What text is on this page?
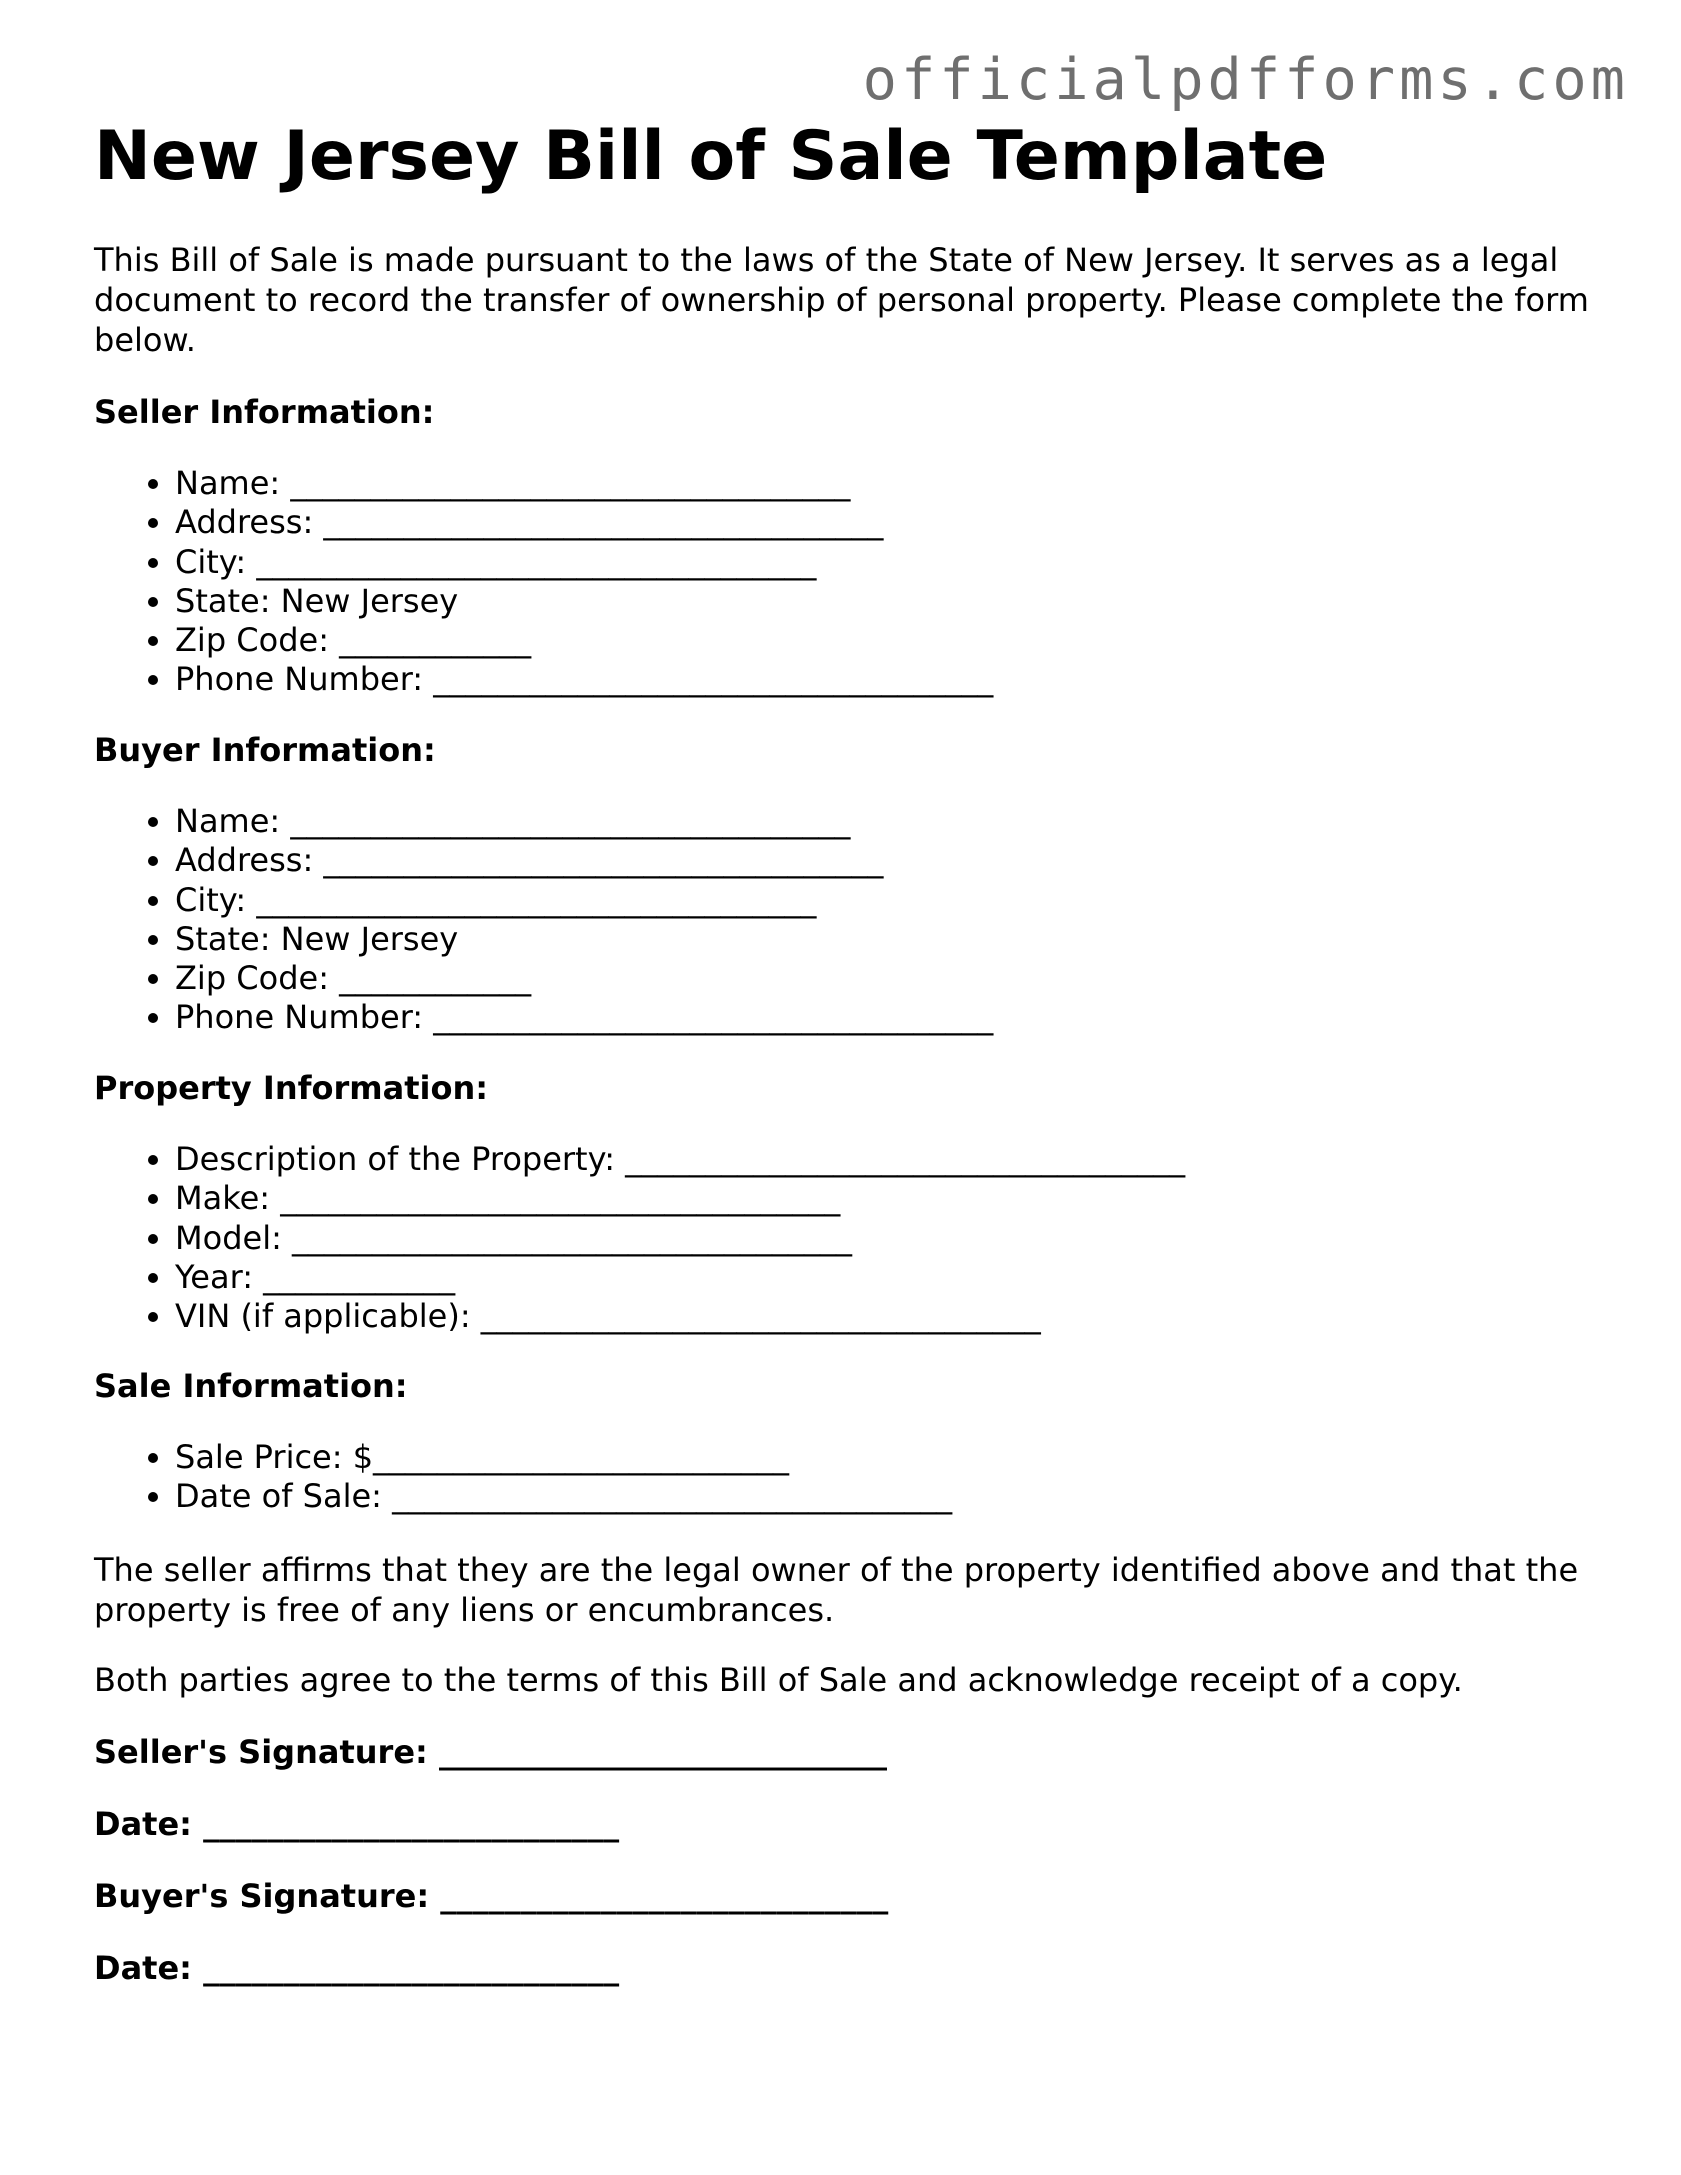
officialpdfforms.com
New Jersey Bill of Sale Template

This Bill of Sale is made pursuant to the laws of the State of New Jersey. It serves as a legal document to record the transfer of ownership of personal property. Please complete the form below.

Seller Information:

• Name: ___________________________________
• Address: ___________________________________
• City: ___________________________________
• State: New Jersey
• Zip Code: ____________
• Phone Number: ___________________________________

Buyer Information:

• Name: ___________________________________
• Address: ___________________________________
• City: ___________________________________
• State: New Jersey
• Zip Code: ____________
• Phone Number: ___________________________________

Property Information:

• Description of the Property: ___________________________________
• Make: ___________________________________
• Model: ___________________________________
• Year: ____________
• VIN (if applicable): ___________________________________

Sale Information:

• Sale Price: $__________________________
• Date of Sale: ___________________________________

The seller affirms that they are the legal owner of the property identified above and that the property is free of any liens or encumbrances.

Both parties agree to the terms of this Bill of Sale and acknowledge receipt of a copy.

Seller's Signature: ____________________________

Date: __________________________

Buyer's Signature: ____________________________

Date: __________________________
